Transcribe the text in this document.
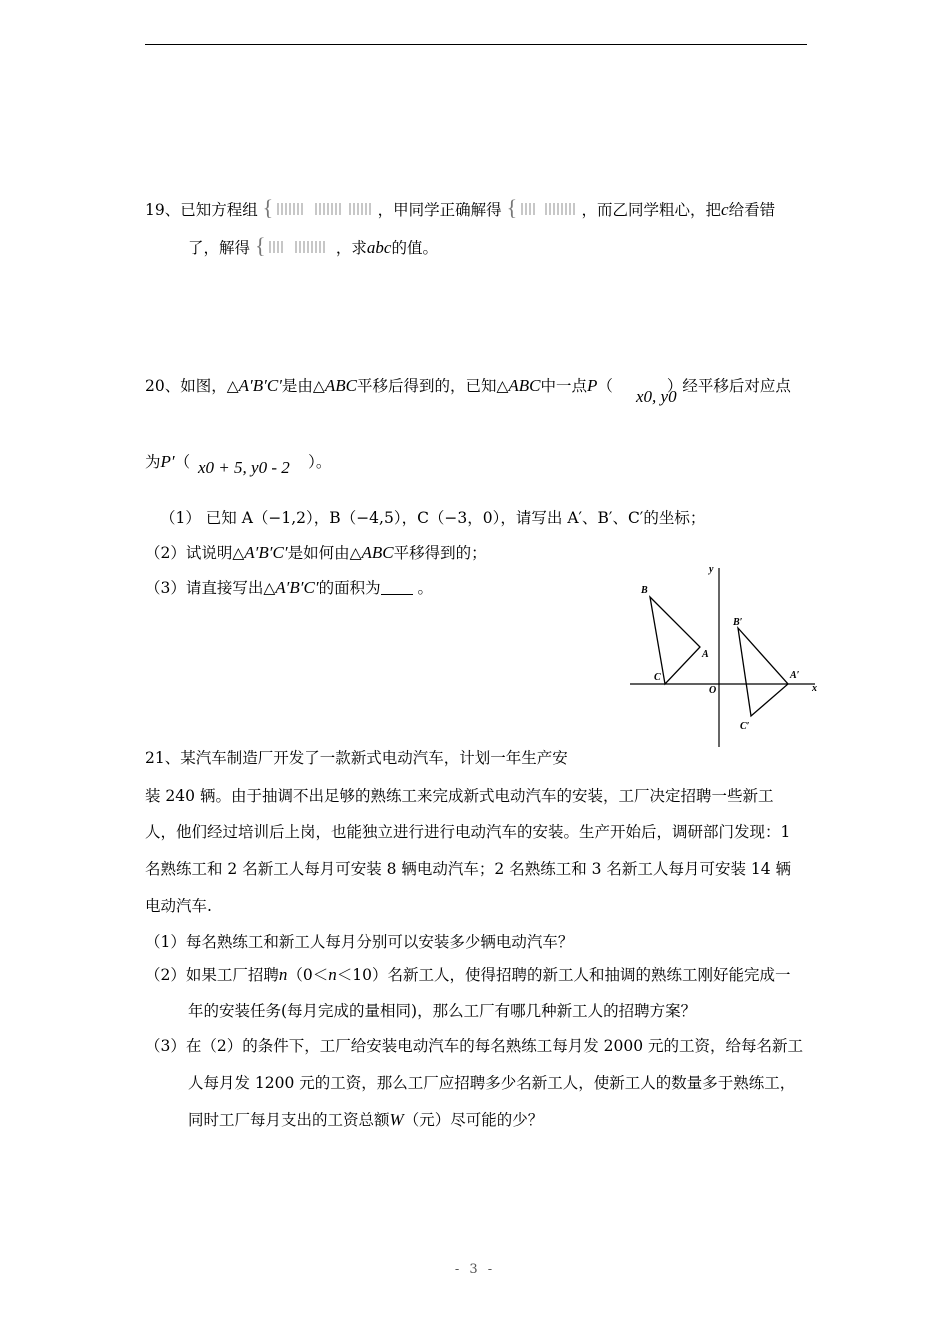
19、已知方程组 {	，甲同学正确解得 {	，而乙同学粗心，把c给看错
了，解得 {	，求abc的值。
20、如图，△A′B′C′是由△ABC平移后得到的，已知△ABC中一点P（	）经平移后对应点
x0, y0
为P′（	）。
x0 + 5, y0 - 2
（1） 已知 A（−1,2），B（−4,5），C（−3，0），请写出 A′、B′、C′的坐标；
（2）试说明△A′B′C′是如何由△ABC平移得到的；
（3）请直接写出△A′B′C′的面积为 。
y
x
O
A
B
C	A′
B′
C′
21、某汽车制造厂开发了一款新式电动汽车，计划一年生产安
装 240 辆。由于抽调不出足够的熟练工来完成新式电动汽车的安装，工厂决定招聘一些新工
人，他们经过培训后上岗，也能独立进行进行电动汽车的安装。生产开始后，调研部门发现：1
名熟练工和 2 名新工人每月可安装 8 辆电动汽车；2 名熟练工和 3 名新工人每月可安装 14 辆
电动汽车.
（1）每名熟练工和新工人每月分别可以安装多少辆电动汽车？
（2）如果工厂招聘n（0＜n＜10）名新工人，使得招聘的新工人和抽调的熟练工刚好能完成一
年的安装任务(每月完成的量相同)，那么工厂有哪几种新工人的招聘方案？
（3）在（2）的条件下，工厂给安装电动汽车的每名熟练工每月发 2000 元的工资，给每名新工
人每月发 1200 元的工资，那么工厂应招聘多少名新工人，使新工人的数量多于熟练工，
同时工厂每月支出的工资总额W（元）尽可能的少？
- 3 -
